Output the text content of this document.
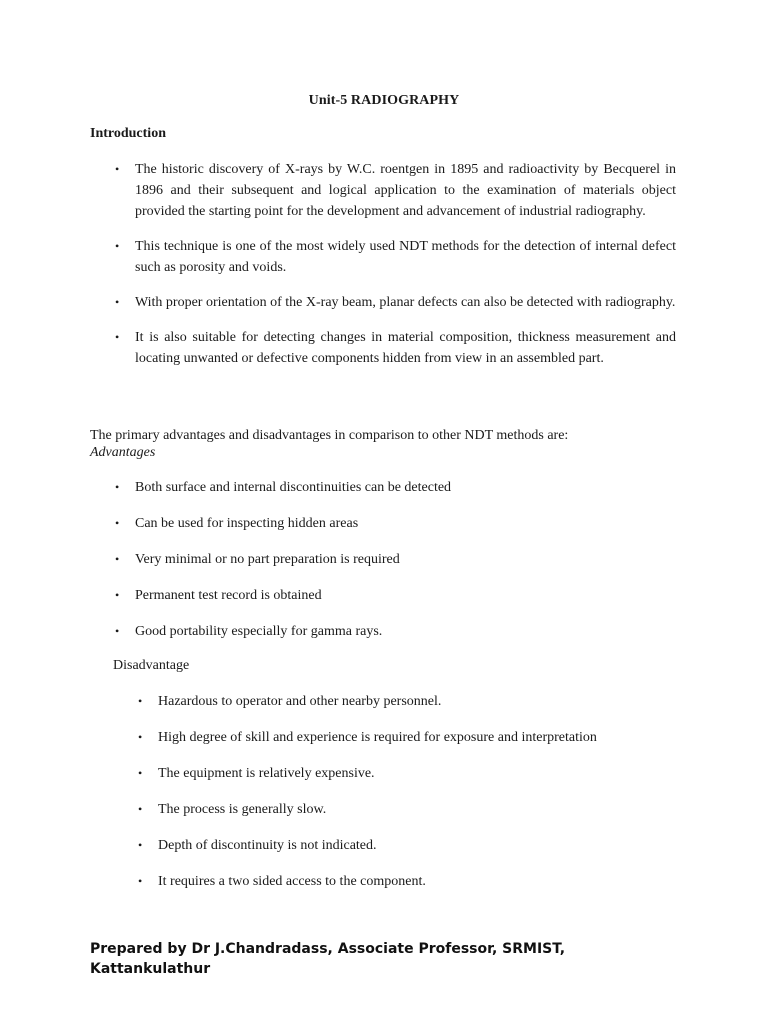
Unit-5 RADIOGRAPHY
Introduction
• The historic discovery of X-rays by W.C. roentgen in 1895 and radioactivity by Becquerel in 1896 and their subsequent and logical application to the examination of materials object provided the starting point for the development and advancement of industrial radiography.
• This technique is one of the most widely used NDT methods for the detection of internal defect such as porosity and voids.
• With proper orientation of the X-ray beam, planar defects can also be detected with radiography.
• It is also suitable for detecting changes in material composition, thickness measurement and locating unwanted or defective components hidden from view in an assembled part.
The primary advantages and disadvantages in comparison to other NDT methods are:
Advantages
• Both surface and internal discontinuities can be detected
• Can be used for inspecting hidden areas
• Very minimal or no part preparation is required
• Permanent test record is obtained
• Good portability especially for gamma rays.
Disadvantage
• Hazardous to operator and other nearby personnel.
• High degree of skill and experience is required for exposure and interpretation
• The equipment is relatively expensive.
• The process is generally slow.
• Depth of discontinuity is not indicated.
• It requires a two sided access to the component.
Prepared by Dr J.Chandradass, Associate Professor, SRMIST, Kattankulathur
